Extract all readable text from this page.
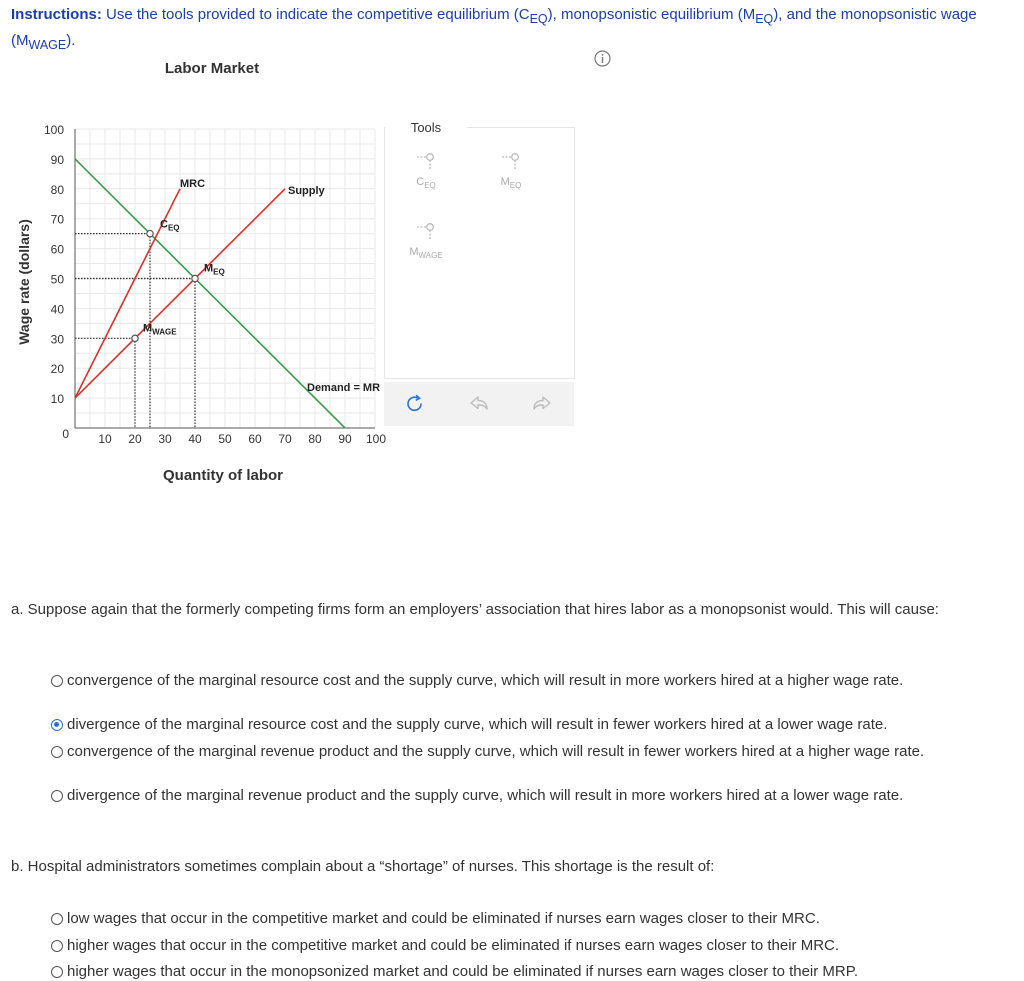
Instructions: Use the tools provided to indicate the competitive equilibrium $(C_{EQ})$, monopsonistic equilibrium $(M_{EQ})$, and the monopsonistic wage $(M_{WAGE})$.
Labor Market
0
10
20
30
40
50
60
70
80
90
100
10 20 30 40 50 60 70 80 90 100
MRC
Supply
Demand = MR
$C_{EQ}$
$M_{EQ}$
$M_{WAGE}$
Wage rate (dollars)
Quantity of labor
Tools
$C_{EQ}$	$M_{EQ}$
$M_{WAGE}$
a. Suppose again that the formerly competing firms form an employers’ association that hires labor as a monopsonist would. This will cause:
convergence of the marginal resource cost and the supply curve, which will result in more workers hired at a higher wage rate.
divergence of the marginal resource cost and the supply curve, which will result in fewer workers hired at a lower wage rate.
convergence of the marginal revenue product and the supply curve, which will result in fewer workers hired at a higher wage rate.
divergence of the marginal revenue product and the supply curve, which will result in more workers hired at a lower wage rate.
b. Hospital administrators sometimes complain about a “shortage” of nurses. This shortage is the result of:
low wages that occur in the competitive market and could be eliminated if nurses earn wages closer to their MRC.
higher wages that occur in the competitive market and could be eliminated if nurses earn wages closer to their MRC.
higher wages that occur in the monopsonized market and could be eliminated if nurses earn wages closer to their MRP.
